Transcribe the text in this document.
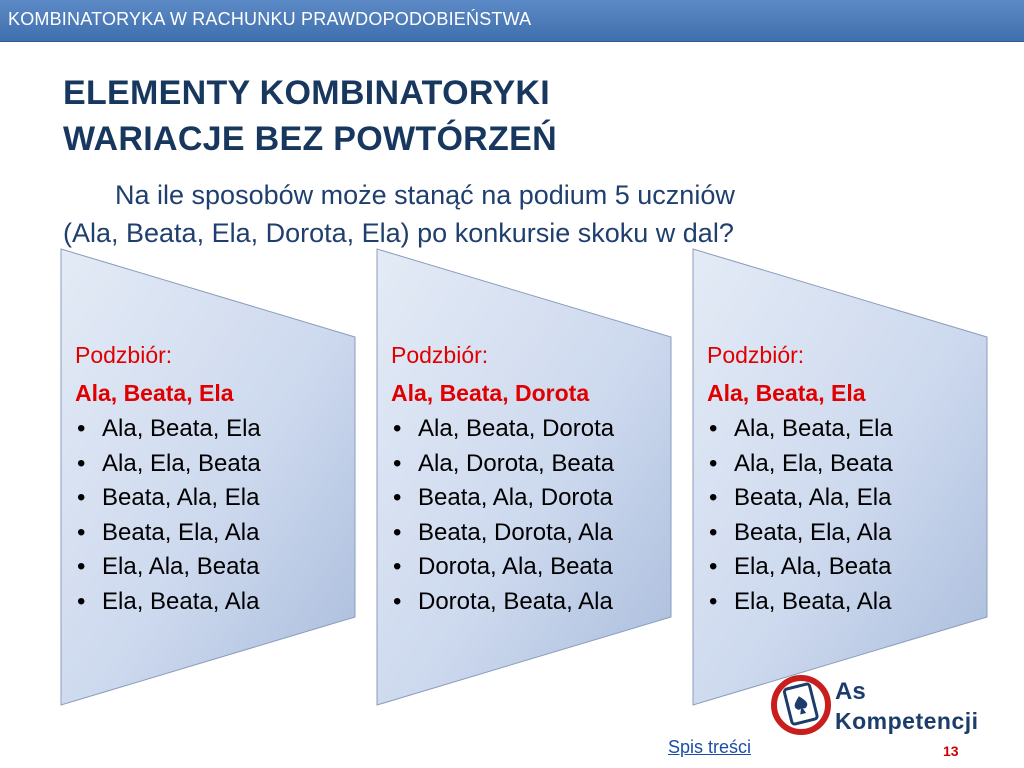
KOMBINATORYKA W RACHUNKU PRAWDOPODOBIEŃSTWA
ELEMENTY KOMBINATORYKI
WARIACJE BEZ POWTÓRZEŃ
Na ile sposobów może stanąć na podium 5 uczniów
(Ala, Beata, Ela, Dorota, Ela) po konkursie skoku w dal?
Podzbiór:
Ala, Beata, Ela
• Ala, Beata, Ela
• Ala, Ela, Beata
• Beata, Ala, Ela
• Beata, Ela, Ala
• Ela, Ala, Beata
• Ela, Beata, Ala
Podzbiór:
Ala, Beata, Dorota
• Ala, Beata, Dorota
• Ala, Dorota, Beata
• Beata, Ala, Dorota
• Beata, Dorota, Ala
• Dorota, Ala, Beata
• Dorota, Beata, Ala
Podzbiór:
Ala, Beata, Ela
• Ala, Beata, Ela
• Ala, Ela, Beata
• Beata, Ala, Ela
• Beata, Ela, Ala
• Ela, Ala, Beata
• Ela, Beata, Ala
As
Kompetencji
Spis treści	13
